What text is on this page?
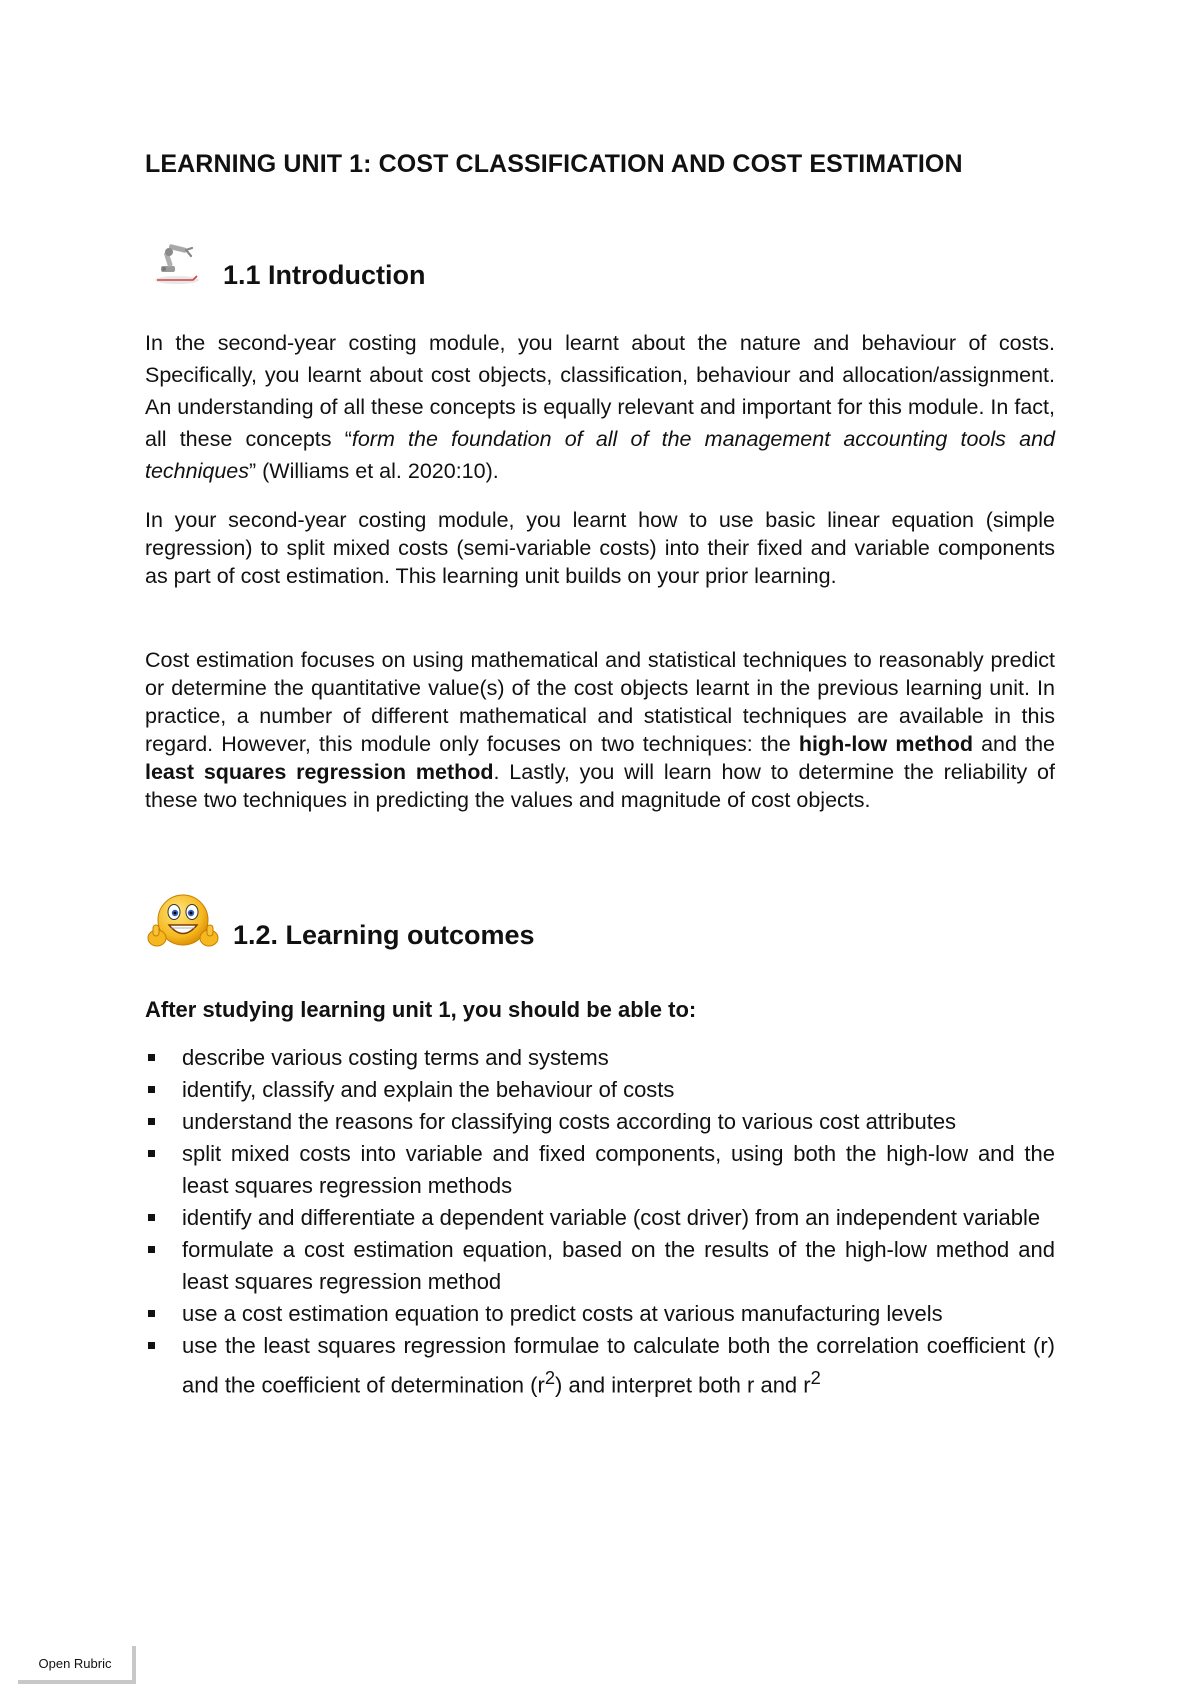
LEARNING UNIT 1: COST CLASSIFICATION AND COST ESTIMATION
1.1 Introduction

In the second-year costing module, you learnt about the nature and behaviour of costs. Specifically, you learnt about cost objects, classification, behaviour and allocation/assignment. An understanding of all these concepts is equally relevant and important for this module. In fact, all these concepts “form the foundation of all of the management accounting tools and techniques” (Williams et al. 2020:10).

In your second-year costing module, you learnt how to use basic linear equation (simple regression) to split mixed costs (semi-variable costs) into their fixed and variable components as part of cost estimation. This learning unit builds on your prior learning.

Cost estimation focuses on using mathematical and statistical techniques to reasonably predict or determine the quantitative value(s) of the cost objects learnt in the previous learning unit. In practice, a number of different mathematical and statistical techniques are available in this regard. However, this module only focuses on two techniques: the high-low method and the least squares regression method. Lastly, you will learn how to determine the reliability of these two techniques in predicting the values and magnitude of cost objects.

1.2. Learning outcomes
After studying learning unit 1, you should be able to:
describe various costing terms and systems
identify, classify and explain the behaviour of costs
understand the reasons for classifying costs according to various cost attributes
split mixed costs into variable and fixed components, using both the high-low and the least squares regression methods
identify and differentiate a dependent variable (cost driver) from an independent variable
formulate a cost estimation equation, based on the results of the high-low method and least squares regression method
use a cost estimation equation to predict costs at various manufacturing levels
use the least squares regression formulae to calculate both the correlation coefficient (r) and the coefficient of determination $(r^2)$ and interpret both r and $r^2$
Open Rubric
